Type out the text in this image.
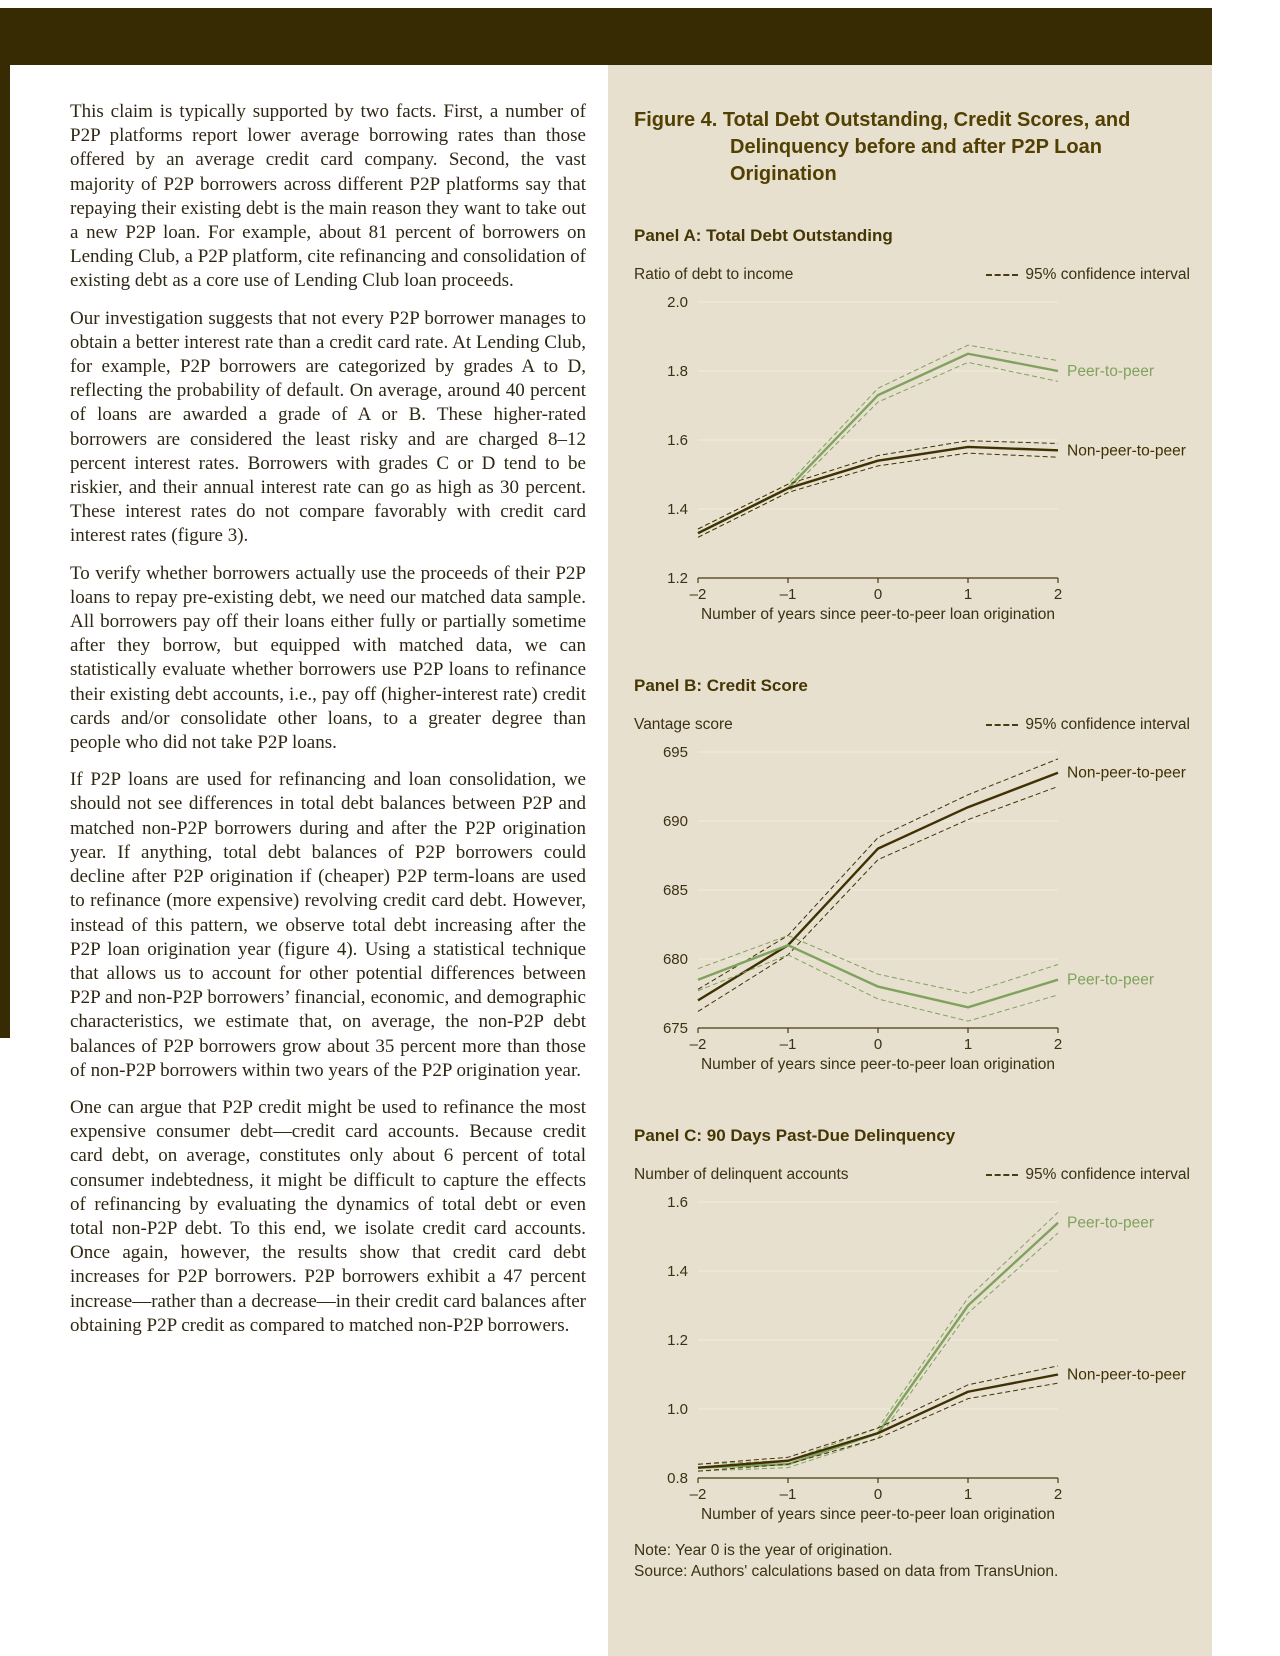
This claim is typically supported by two facts. First, a number of P2P platforms report lower average borrowing rates than those offered by an average credit card company. Second, the vast majority of P2P borrowers across different P2P platforms say that repaying their existing debt is the main reason they want to take out a new P2P loan. For example, about 81 percent of borrowers on Lending Club, a P2P platform, cite refinancing and consolidation of existing debt as a core use of Lending Club loan proceeds.

Our investigation suggests that not every P2P borrower manages to obtain a better interest rate than a credit card rate. At Lending Club, for example, P2P borrowers are categorized by grades A to D, reflecting the probability of default. On average, around 40 percent of loans are awarded a grade of A or B. These higher-rated borrowers are considered the least risky and are charged 8–12 percent interest rates. Borrowers with grades C or D tend to be riskier, and their annual interest rate can go as high as 30 percent. These interest rates do not compare favorably with credit card interest rates (figure 3).

To verify whether borrowers actually use the proceeds of their P2P loans to repay pre-existing debt, we need our matched data sample. All borrowers pay off their loans either fully or partially sometime after they borrow, but equipped with matched data, we can statistically evaluate whether borrowers use P2P loans to refinance their existing debt accounts, i.e., pay off (higher-interest rate) credit cards and/or consolidate other loans, to a greater degree than people who did not take P2P loans.

If P2P loans are used for refinancing and loan consolidation, we should not see differences in total debt balances between P2P and matched non-P2P borrowers during and after the P2P origination year. If anything, total debt balances of P2P borrowers could decline after P2P origination if (cheaper) P2P term-loans are used to refinance (more expensive) revolving credit card debt. However, instead of this pattern, we observe total debt increasing after the P2P loan origination year (figure 4). Using a statistical technique that allows us to account for other potential differences between P2P and non-P2P borrowers’ financial, economic, and demographic characteristics, we estimate that, on average, the non-P2P debt balances of P2P borrowers grow about 35 percent more than those of non-P2P borrowers within two years of the P2P origination year.

One can argue that P2P credit might be used to refinance the most expensive consumer debt—credit card accounts. Because credit card debt, on average, constitutes only about 6 percent of total consumer indebtedness, it might be difficult to capture the effects of refinancing by evaluating the dynamics of total debt or even total non-P2P debt. To this end, we isolate credit card accounts. Once again, however, the results show that credit card debt increases for P2P borrowers. P2P borrowers exhibit a 47 percent increase—rather than a decrease—in their credit card balances after obtaining P2P credit as compared to matched non-P2P borrowers.

Figure 4. Total Debt Outstanding, Credit Scores, and Delinquency before and after P2P Loan Origination
Panel A: Total Debt Outstanding
Ratio of debt to income	95% confidence interval
1.2
1.4
1.6
1.8
2.0
–2	–1	0	1	2
Number of years since peer-to-peer loan origination
Peer-to-peer
Non-peer-to-peer
Panel B: Credit Score
Vantage score	95% confidence interval
675
680
685
690
695
–2	–1	0	1	2
Number of years since peer-to-peer loan origination
Non-peer-to-peer
Peer-to-peer
Panel C: 90 Days Past-Due Delinquency
Number of delinquent accounts	95% confidence interval
0.8
1.0
1.2
1.4
1.6
–2	–1	0	1	2
Number of years since peer-to-peer loan origination
Peer-to-peer
Non-peer-to-peer

Note: Year 0 is the year of origination.

Source: Authors' calculations based on data from TransUnion.
